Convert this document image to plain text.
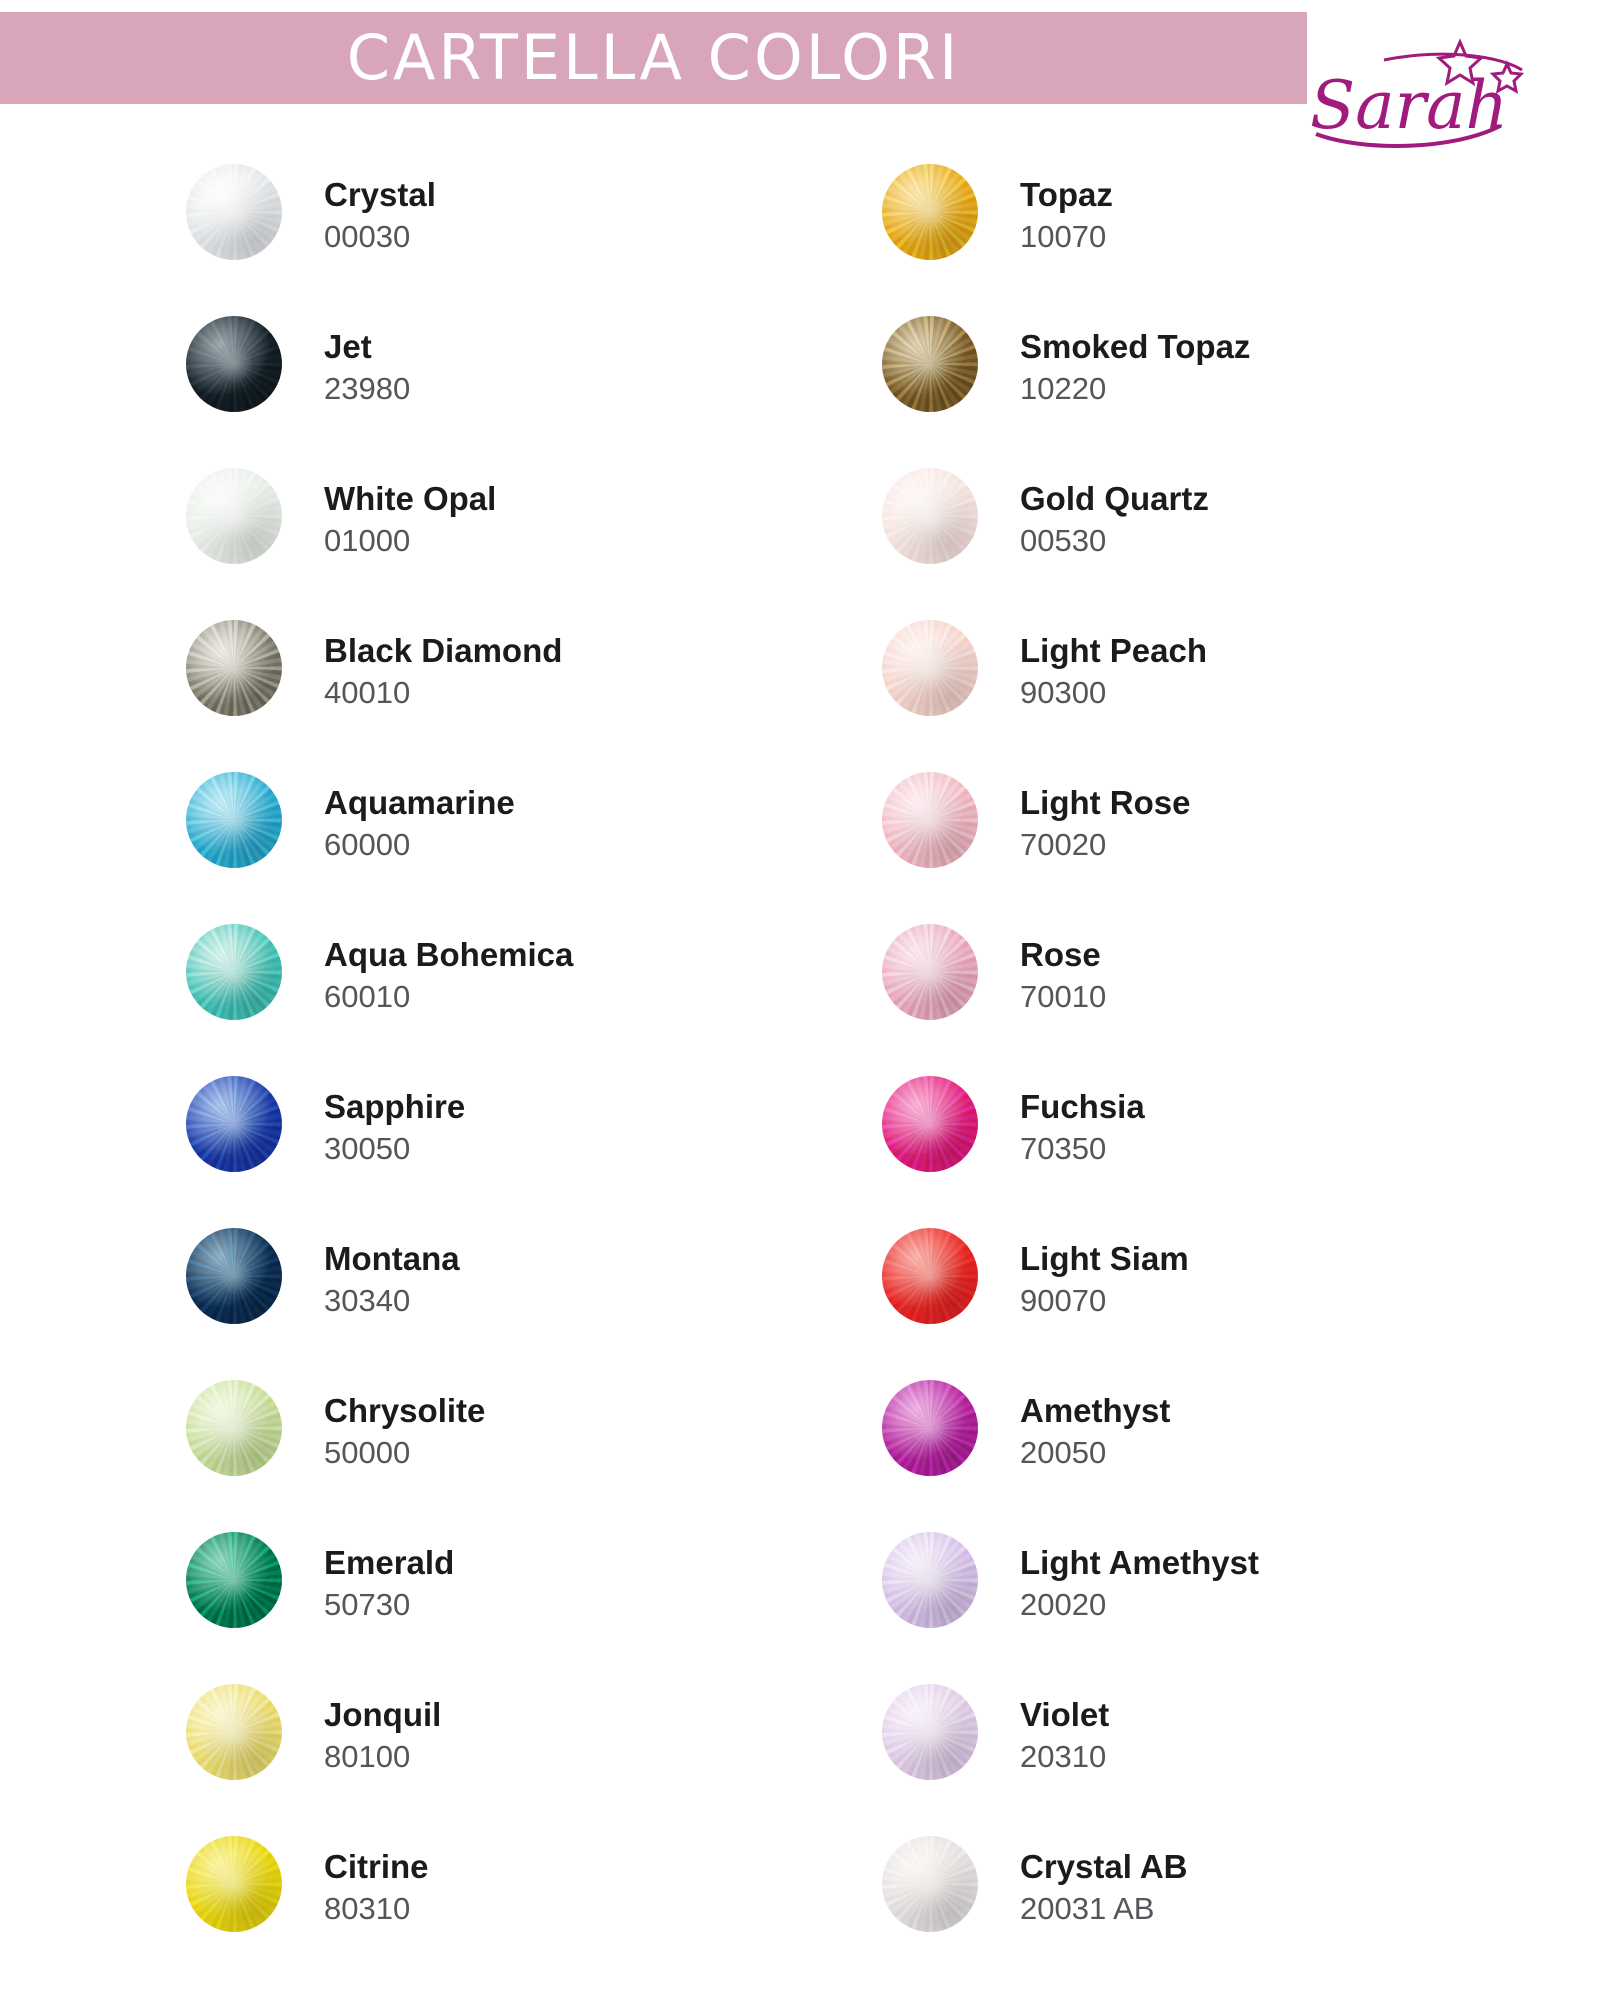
CARTELLA COLORI
Sarah
Crystal
00030
Jet
23980
White Opal
01000
Black Diamond
40010
Aquamarine
60000
Aqua Bohemica
60010
Sapphire
30050
Montana
30340
Chrysolite
50000
Emerald
50730
Jonquil
80100
Citrine
80310
Topaz
10070
Smoked Topaz
10220
Gold Quartz
00530
Light Peach
90300
Light Rose
70020
Rose
70010
Fuchsia
70350
Light Siam
90070
Amethyst
20050
Light Amethyst
20020
Violet
20310
Crystal AB
20031 AB
